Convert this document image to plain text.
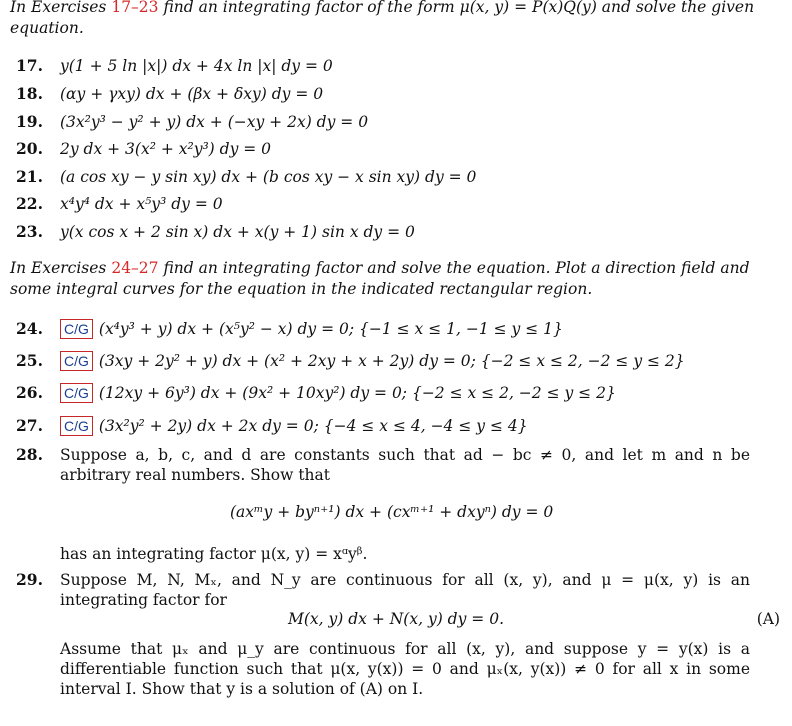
In Exercises 17–23 find an integrating factor of the form μ(x, y) = P(x)Q(y) and solve the given equation.
17.	y(1 + 5 ln |x|) dx + 4x ln |x| dy = 0
18.	(αy + γxy) dx + (βx + δxy) dy = 0
19.	(3x²y³ − y² + y) dx + (−xy + 2x) dy = 0
20.	2y dx + 3(x² + x²y³) dy = 0
21.	(a cos xy − y sin xy) dx + (b cos xy − x sin xy) dy = 0
22.	x⁴y⁴ dx + x⁵y³ dy = 0
23.	y(x cos x + 2 sin x) dx + x(y + 1) sin x dy = 0
In Exercises 24–27 find an integrating factor and solve the equation. Plot a direction field and some integral curves for the equation in the indicated rectangular region.
24.	C/G (x⁴y³ + y) dx + (x⁵y² − x) dy = 0; {−1 ≤ x ≤ 1, −1 ≤ y ≤ 1}
25.	C/G (3xy + 2y² + y) dx + (x² + 2xy + x + 2y) dy = 0; {−2 ≤ x ≤ 2, −2 ≤ y ≤ 2}
26.	C/G (12xy + 6y³) dx + (9x² + 10xy²) dy = 0; {−2 ≤ x ≤ 2, −2 ≤ y ≤ 2}
27.	C/G (3x²y² + 2y) dx + 2x dy = 0; {−4 ≤ x ≤ 4, −4 ≤ y ≤ 4}
28.	Suppose a, b, c, and d are constants such that ad − bc ≠ 0, and let m and n be arbitrary real numbers. Show that
(axᵐy + byⁿ⁺¹) dx + (cxᵐ⁺¹ + dxyⁿ) dy = 0
has an integrating factor μ(x, y) = xᵅyᵝ.
29.	Suppose M, N, Mₓ, and N_y are continuous for all (x, y), and μ = μ(x, y) is an integrating factor for
M(x, y) dx + N(x, y) dy = 0.	(A)
Assume that μₓ and μ_y are continuous for all (x, y), and suppose y = y(x) is a differentiable function such that μ(x, y(x)) = 0 and μₓ(x, y(x)) ≠ 0 for all x in some interval I. Show that y is a solution of (A) on I.
